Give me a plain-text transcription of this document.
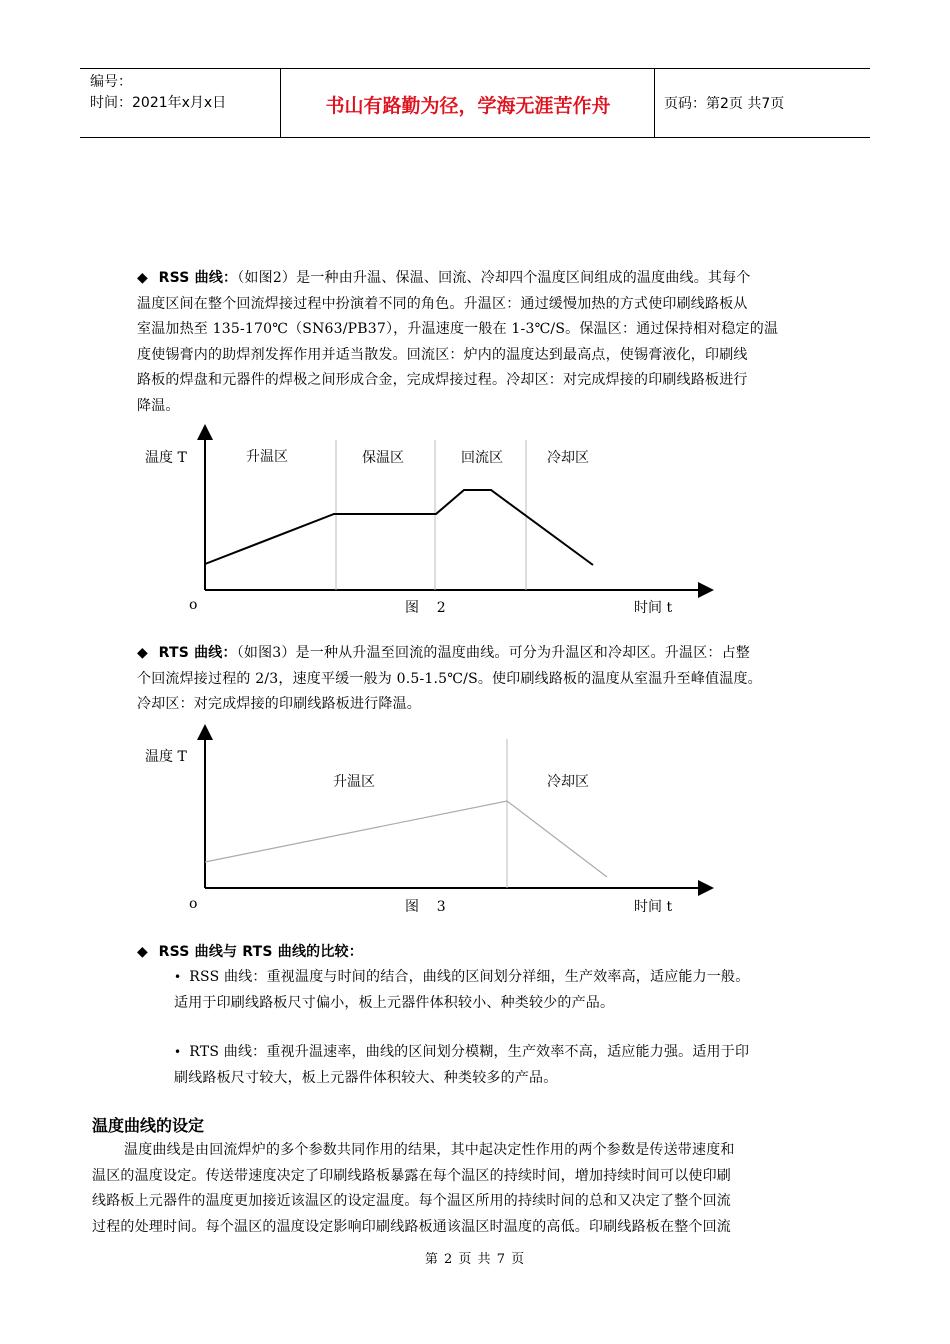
编号：
时间：2021年x月x日	书山有路勤为径，学海无涯苦作舟	页码：第2页 共7页
◆ RSS 曲线：（如图2）是一种由升温、保温、回流、冷却四个温度区间组成的温度曲线。其每个
温度区间在整个回流焊接过程中扮演着不同的角色。升温区：通过缓慢加热的方式使印刷线路板从
室温加热至 135-170℃（SN63/PB37），升温速度一般在 1-3℃/S。保温区：通过保持相对稳定的温
度使锡膏内的助焊剂发挥作用并适当散发。回流区：炉内的温度达到最高点，使锡膏液化，印刷线
路板的焊盘和元器件的焊极之间形成合金，完成焊接过程。冷却区：对完成焊接的印刷线路板进行
降温。
温度 T	升温区	保温区	回流区	冷却区
o	图    2	时间 t
◆ RTS 曲线：（如图3）是一种从升温至回流的温度曲线。可分为升温区和冷却区。升温区：占整
个回流焊接过程的 2/3，速度平缓一般为 0.5-1.5℃/S。使印刷线路板的温度从室温升至峰值温度。
冷却区：对完成焊接的印刷线路板进行降温。
温度 T
升温区	冷却区
o	图    3	时间 t
◆ RSS 曲线与 RTS 曲线的比较：
• RSS 曲线：重视温度与时间的结合，曲线的区间划分祥细，生产效率高，适应能力一般。
适用于印刷线路板尺寸偏小，板上元器件体积较小、种类较少的产品。
• RTS 曲线：重视升温速率，曲线的区间划分模糊，生产效率不高，适应能力强。适用于印
刷线路板尺寸较大，板上元器件体积较大、种类较多的产品。
温度曲线的设定
温度曲线是由回流焊炉的多个参数共同作用的结果，其中起决定性作用的两个参数是传送带速度和
温区的温度设定。传送带速度决定了印刷线路板暴露在每个温区的持续时间，增加持续时间可以使印刷
线路板上元器件的温度更加接近该温区的设定温度。每个温区所用的持续时间的总和又决定了整个回流
过程的处理时间。每个温区的温度设定影响印刷线路板通该温区时温度的高低。印刷线路板在整个回流
第 2 页 共 7 页
